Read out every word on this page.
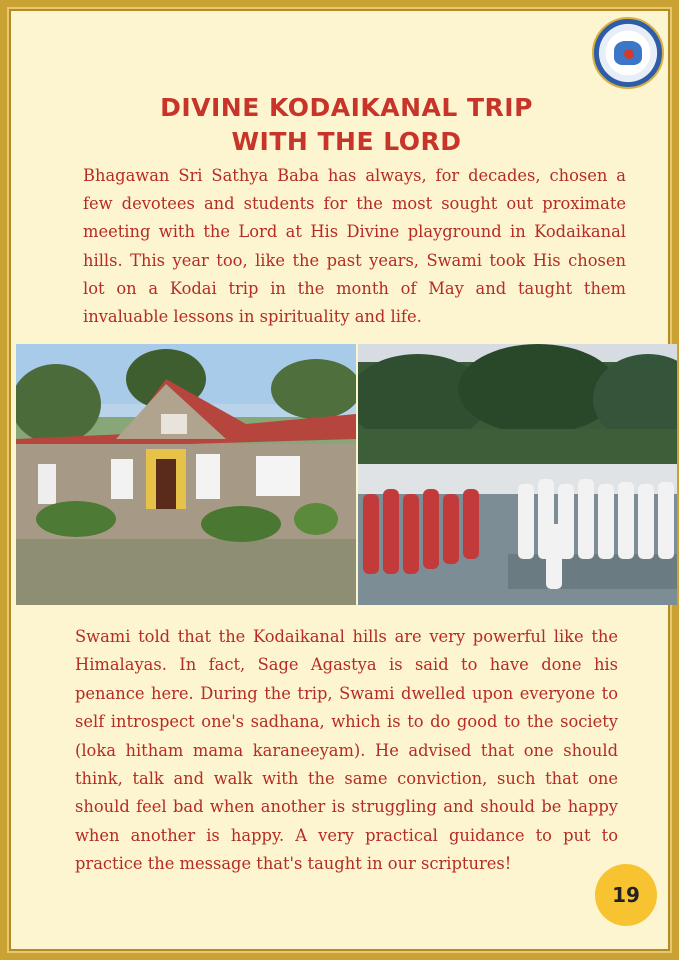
DIVINE KODAIKANAL TRIP
WITH THE LORD

Bhagawan Sri Sathya Baba has always, for decades, chosen a few devotees and students for the most sought out proximate meeting with the Lord at His Divine playground in Kodaikanal hills. This year too, like the past years, Swami took His chosen lot on a Kodai trip in the month of May and taught them invaluable lessons in spirituality and life.

Swami told that the Kodaikanal hills are very powerful like the Himalayas. In fact, Sage Agastya is said to have done his penance here. During the trip, Swami dwelled upon everyone to self introspect one's sadhana, which is to do good to the society (loka hitham mama karaneeyam). He advised that one should think, talk and walk with the same conviction, such that one should feel bad when another is struggling and should be happy when another is happy. A very practical guidance to put to practice the message that's taught in our scriptures!

19
